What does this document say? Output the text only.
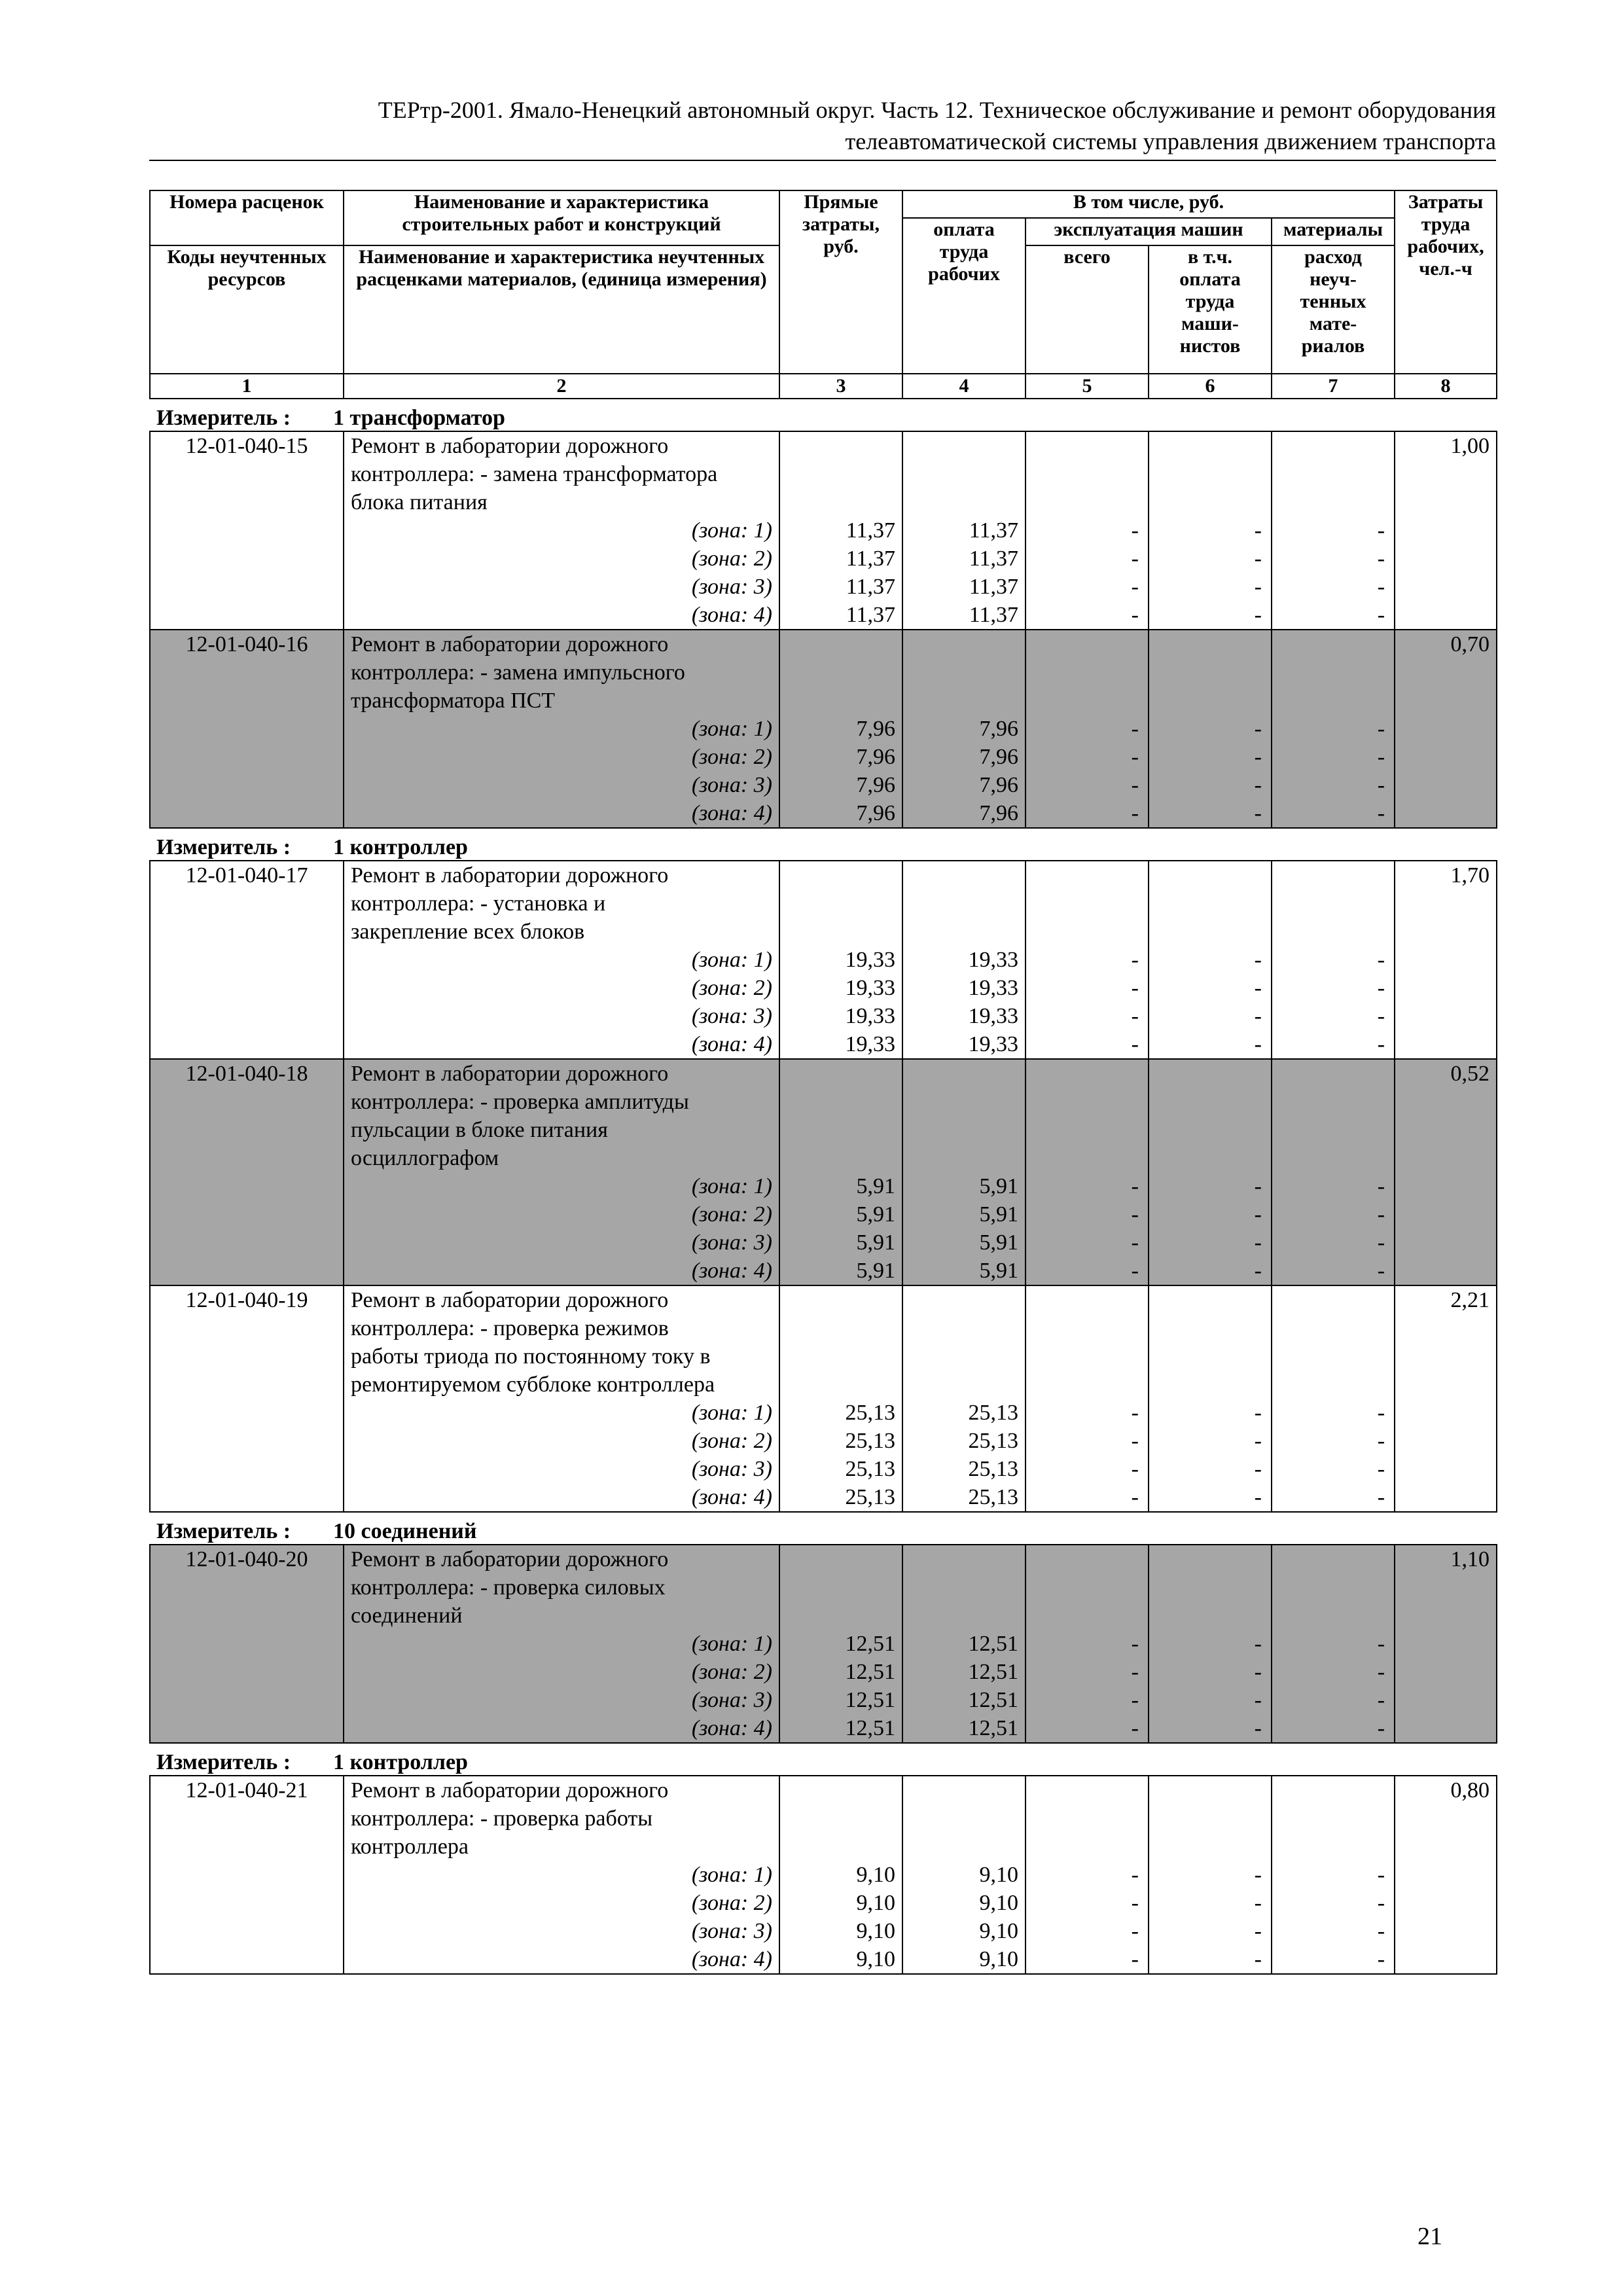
ТЕРтр-2001. Ямало-Ненецкий автономный округ. Часть 12. Техническое обслуживание и ремонт оборудования
телеавтоматической системы управления движением транспорта
Номера расценок	Наименование и характеристика строительных работ и конструкций	Прямые затраты, руб.	В том числе, руб.				Затраты труда рабочих, чел.-ч
			оплата труда рабочих	эксплуатация машин		материалы	
Коды неучтенных ресурсов	Наименование и характеристика неучтенных расценками материалов, (единица измерения)			всего	в т.ч. оплата труда маши-нистов	расход неуч-тенных мате-риалов	

1	2	3	4	5	6	7	8
Измеритель : 1 трансформатор							
12-01-040-15	Ремонт в лаборатории дорожного						1,00
	контроллера: - замена трансформатора						
	блока питания						
	(зона: 1)	11,37	11,37	-	-	-	
	(зона: 2)	11,37	11,37	-	-	-	
	(зона: 3)	11,37	11,37	-	-	-	
	(зона: 4)	11,37	11,37	-	-	-	
12-01-040-16	Ремонт в лаборатории дорожного						0,70
	контроллера: - замена импульсного						
	трансформатора ПСТ						
	(зона: 1)	7,96	7,96	-	-	-	
	(зона: 2)	7,96	7,96	-	-	-	
	(зона: 3)	7,96	7,96	-	-	-	
	(зона: 4)	7,96	7,96	-	-	-	
Измеритель : 1 контроллер							
12-01-040-17	Ремонт в лаборатории дорожного						1,70
	контроллера: - установка и						
	закрепление всех блоков						
	(зона: 1)	19,33	19,33	-	-	-	
	(зона: 2)	19,33	19,33	-	-	-	
	(зона: 3)	19,33	19,33	-	-	-	
	(зона: 4)	19,33	19,33	-	-	-	
12-01-040-18	Ремонт в лаборатории дорожного						0,52
	контроллера: - проверка амплитуды						
	пульсации в блоке питания						
	осциллографом						
	(зона: 1)	5,91	5,91	-	-	-	
	(зона: 2)	5,91	5,91	-	-	-	
	(зона: 3)	5,91	5,91	-	-	-	
	(зона: 4)	5,91	5,91	-	-	-	
12-01-040-19	Ремонт в лаборатории дорожного						2,21
	контроллера: - проверка режимов						
	работы триода по постоянному току в						
	ремонтируемом субблоке контроллера						
	(зона: 1)	25,13	25,13	-	-	-	
	(зона: 2)	25,13	25,13	-	-	-	
	(зона: 3)	25,13	25,13	-	-	-	
	(зона: 4)	25,13	25,13	-	-	-	
Измеритель : 10 соединений							
12-01-040-20	Ремонт в лаборатории дорожного						1,10
	контроллера: - проверка силовых						
	соединений						
	(зона: 1)	12,51	12,51	-	-	-	
	(зона: 2)	12,51	12,51	-	-	-	
	(зона: 3)	12,51	12,51	-	-	-	
	(зона: 4)	12,51	12,51	-	-	-	
Измеритель : 1 контроллер							
12-01-040-21	Ремонт в лаборатории дорожного						0,80
	контроллера: - проверка работы						
	контроллера						
	(зона: 1)	9,10	9,10	-	-	-	
	(зона: 2)	9,10	9,10	-	-	-	
	(зона: 3)	9,10	9,10	-	-	-	
	(зона: 4)	9,10	9,10	-	-	-	
21
